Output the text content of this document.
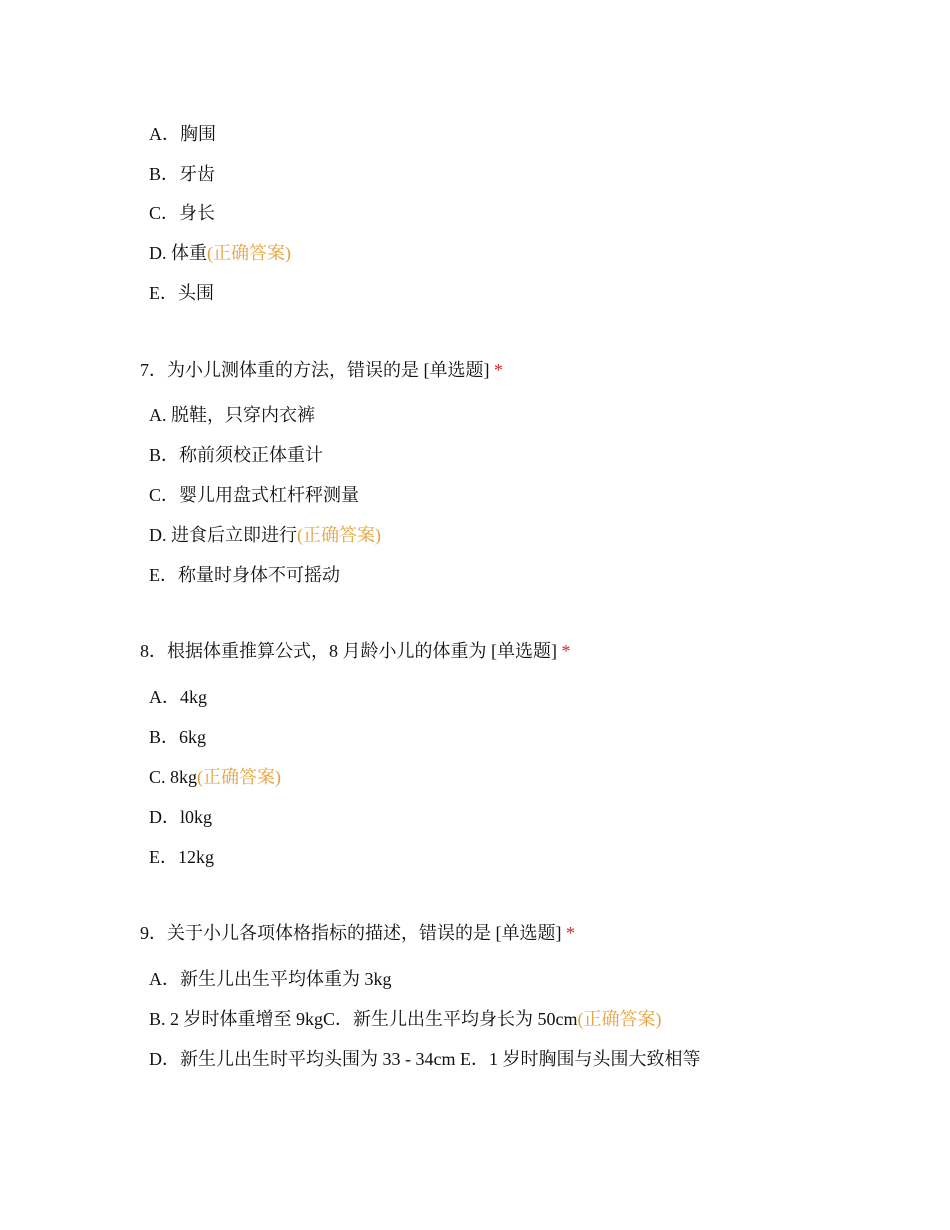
A．胸围
B．牙齿
C．身长
D. 体重(正确答案)
E．头围
7．为小儿测体重的方法，错误的是 [单选题] *
A. 脱鞋，只穿内衣裤
B．称前须校正体重计
C．婴儿用盘式杠杆秤测量
D. 进食后立即进行(正确答案)
E．称量时身体不可摇动
8．根据体重推算公式，8 月龄小儿的体重为 [单选题] *
A．4kg
B．6kg
C. 8kg(正确答案)
D．l0kg
E．12kg
9．关于小儿各项体格指标的描述，错误的是 [单选题] *
A．新生儿出生平均体重为 3kg
B. 2 岁时体重增至 9kgC．新生儿出生平均身长为 50cm(正确答案)
D．新生儿出生时平均头围为 33 - 34cm E．1 岁时胸围与头围大致相等
